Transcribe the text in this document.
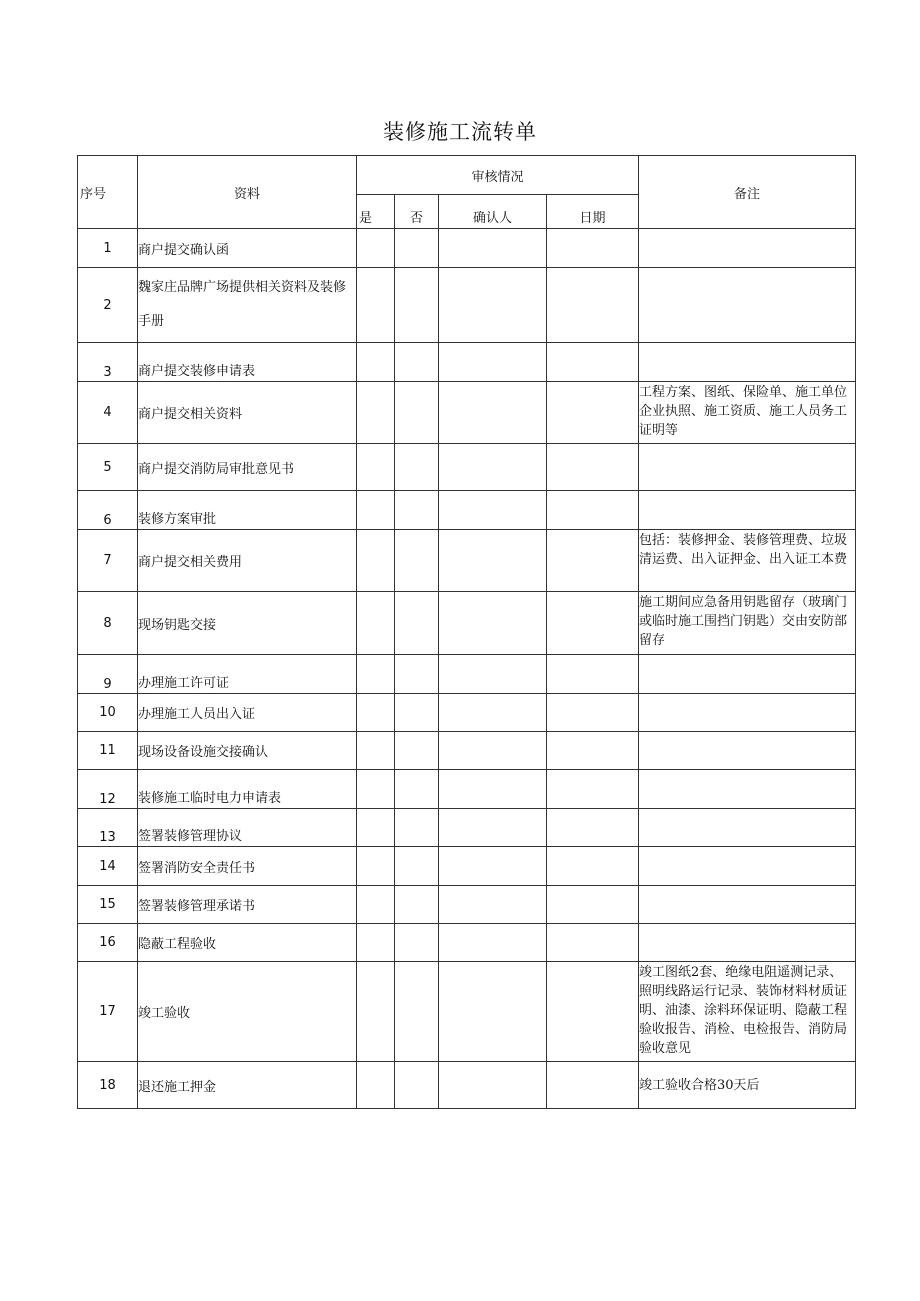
装修施工流转单
序号	资料	审核情况				备注
		是	否	确认人	日期	
1	商户提交确认函					
2	魏家庄品牌广场提供相关资料及装修手册					
3	商户提交装修申请表					
4	商户提交相关资料					工程方案、图纸、保险单、施工单位企业执照、施工资质、施工人员务工证明等
5	商户提交消防局审批意见书					
6	装修方案审批					
7	商户提交相关费用					包括：装修押金、装修管理费、垃圾清运费、出入证押金、出入证工本费
8	现场钥匙交接					施工期间应急备用钥匙留存（玻璃门或临时施工围挡门钥匙）交由安防部留存
9	办理施工许可证					
10	办理施工人员出入证					
11	现场设备设施交接确认					
12	装修施工临时电力申请表					
13	签署装修管理协议					
14	签署消防安全责任书					
15	签署装修管理承诺书					
16	隐蔽工程验收					
17	竣工验收					竣工图纸2套、绝缘电阻遥测记录、照明线路运行记录、装饰材料材质证明、油漆、涂料环保证明、隐蔽工程验收报告、消检、电检报告、消防局验收意见
18	退还施工押金					竣工验收合格30天后
